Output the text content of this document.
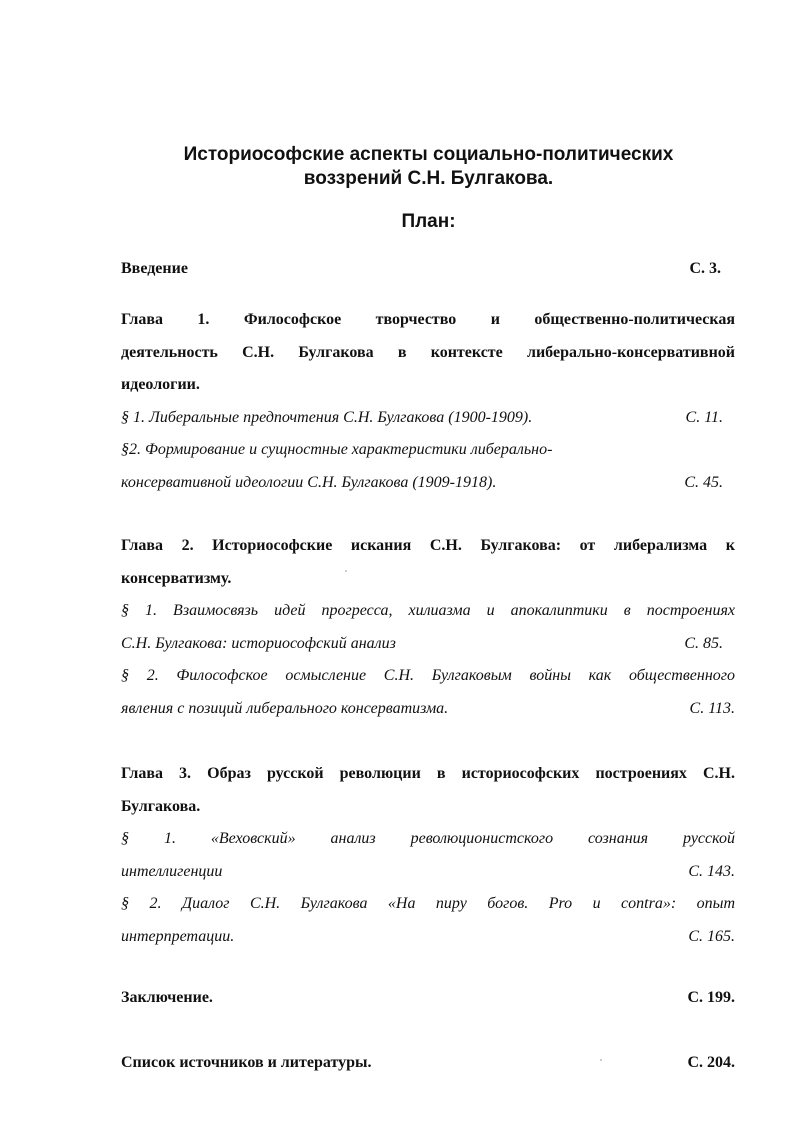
Историософские аспекты социально-политических
воззрений С.Н. Булгакова.
План:
Введение	С. 3.
Глава 1. Философское творчество и общественно-политическая
деятельность С.Н. Булгакова в контексте либерально-консервативной
идеологии.
§ 1. Либеральные предпочтения С.Н. Булгакова (1900-1909).	С. 11.
§2. Формирование и сущностные характеристики либерально-
консервативной идеологии С.Н. Булгакова (1909-1918).	С. 45.
Глава 2. Историософские искания С.Н. Булгакова: от либерализма к
консерватизму.
§ 1. Взаимосвязь идей прогресса, хилиазма и апокалиптики в построениях
С.Н. Булгакова: историософский анализ	С. 85.
§ 2. Философское осмысление С.Н. Булгаковым войны как общественного
явления с позиций либерального консерватизма.	С. 113.
Глава 3. Образ русской революции в историософских построениях С.Н.
Булгакова.
§ 1. «Веховский» анализ революционистского сознания русской
интеллигенции	С. 143.
§ 2. Диалог С.Н. Булгакова «На пиру богов. Pro и contra»: опыт
интерпретации.	С. 165.
Заключение.	С. 199.
Список источников и литературы.	С. 204.
